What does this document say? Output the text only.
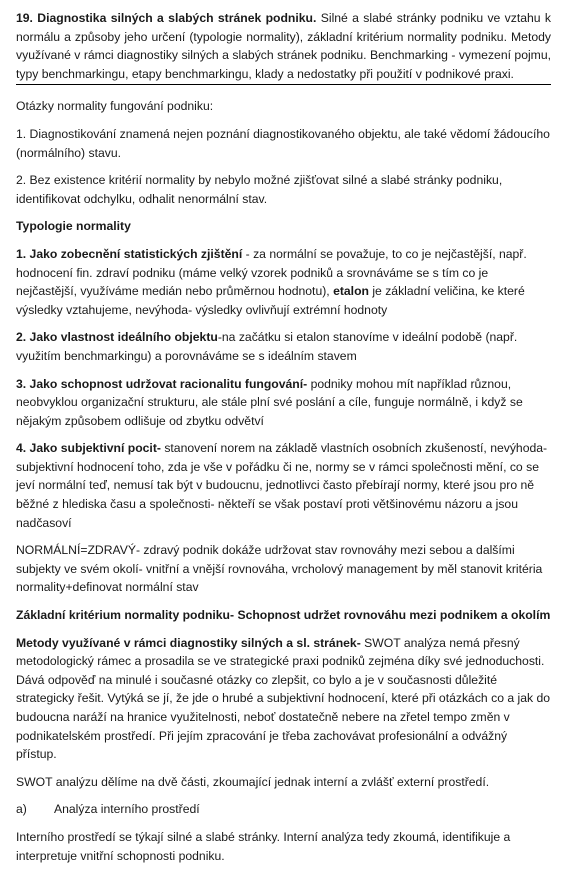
19. Diagnostika silných a slabých stránek podniku. Silné a slabé stránky podniku ve vztahu k normálu a způsoby jeho určení (typologie normality), základní kritérium normality podniku. Metody využívané v rámci diagnostiky silných a slabých stránek podniku. Benchmarking - vymezení pojmu, typy benchmarkingu, etapy benchmarkingu, klady a nedostatky při použití v podnikové praxi.

Otázky normality fungování podniku:

1. Diagnostikování znamená nejen poznání diagnostikovaného objektu, ale také vědomí žádoucího (normálního) stavu.

2. Bez existence kritérií normality by nebylo možné zjišťovat silné a slabé stránky podniku, identifikovat odchylku, odhalit nenormální stav.

Typologie normality

1. Jako zobecnění statistických zjištění - za normální se považuje, to co je nejčastější, např. hodnocení fin. zdraví podniku (máme velký vzorek podniků a srovnáváme se s tím co je nejčastější, využíváme medián nebo průměrnou hodnotu), etalon je základní veličina, ke které výsledky vztahujeme, nevýhoda- výsledky ovlivňují extrémní hodnoty

2. Jako vlastnost ideálního objektu-na začátku si etalon stanovíme v ideální podobě (např. využitím benchmarkingu) a porovnáváme se s ideálním stavem

3. Jako schopnost udržovat racionalitu fungování- podniky mohou mít například různou, neobvyklou organizační strukturu, ale stále plní své poslání a cíle, funguje normálně, i když se nějakým způsobem odlišuje od zbytku odvětví

4. Jako subjektivní pocit- stanovení norem na základě vlastních osobních zkušeností, nevýhoda- subjektivní hodnocení toho, zda je vše v pořádku či ne, normy se v rámci společnosti mění, co se jeví normální teď, nemusí tak být v budoucnu, jednotlivci často přebírají normy, které jsou pro ně běžné z hlediska času a společnosti- někteří se však postaví proti většinovému názoru a jsou nadčasoví

NORMÁLNÍ=ZDRAVÝ- zdravý podnik dokáže udržovat stav rovnováhy mezi sebou a dalšími subjekty ve svém okolí- vnitřní a vnější rovnováha, vrcholový management by měl stanovit kritéria normality+definovat normální stav

Základní kritérium normality podniku- Schopnost udržet rovnováhu mezi podnikem a okolím

Metody využívané v rámci diagnostiky silných a sl. stránek- SWOT analýza nemá přesný metodologický rámec a prosadila se ve strategické praxi podniků zejména díky své jednoduchosti. Dává odpověď na minulé i současné otázky co zlepšit, co bylo a je v současnosti důležité strategicky řešit. Vytýká se jí, že jde o hrubé a subjektivní hodnocení, které při otázkách co a jak do budoucna naráží na hranice využitelnosti, neboť dostatečně nebere na zřetel tempo změn v podnikatelském prostředí. Při jejím zpracování je třeba zachovávat profesionální a odvážný přístup.

SWOT analýzu dělíme na dvě části, zkoumající jednak interní a zvlášť externí prostředí.

a)	Analýza interního prostředí

Interního prostředí se týkají silné a slabé stránky. Interní analýza tedy zkoumá, identifikuje a interpretuje vnitřní schopnosti podniku.
